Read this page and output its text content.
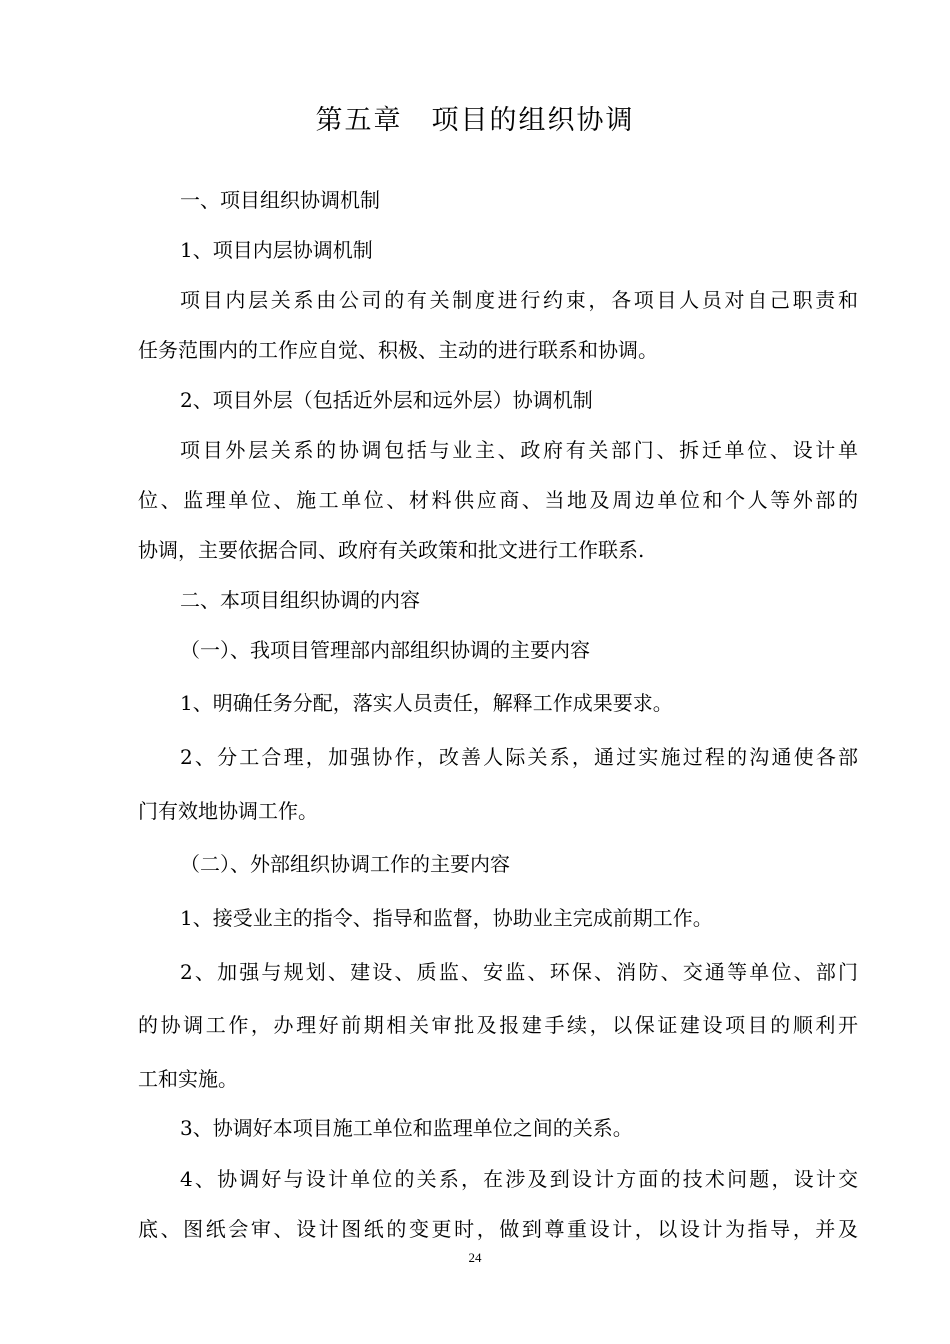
第五章　项目的组织协调
一、项目组织协调机制
1、项目内层协调机制
项目内层关系由公司的有关制度进行约束，各项目人员对自己职责和
任务范围内的工作应自觉、积极、主动的进行联系和协调。
2、项目外层（包括近外层和远外层）协调机制
项目外层关系的协调包括与业主、政府有关部门、拆迁单位、设计单
位、监理单位、施工单位、材料供应商、当地及周边单位和个人等外部的
协调，主要依据合同、政府有关政策和批文进行工作联系.
二、本项目组织协调的内容
（一）、我项目管理部内部组织协调的主要内容
1、明确任务分配，落实人员责任，解释工作成果要求。
2、分工合理，加强协作，改善人际关系，通过实施过程的沟通使各部
门有效地协调工作。
（二）、外部组织协调工作的主要内容
1、接受业主的指令、指导和监督，协助业主完成前期工作。
2、加强与规划、建设、质监、安监、环保、消防、交通等单位、部门
的协调工作，办理好前期相关审批及报建手续，以保证建设项目的顺利开
工和实施。
3、协调好本项目施工单位和监理单位之间的关系。
4、协调好与设计单位的关系，在涉及到设计方面的技术问题，设计交
底、图纸会审、设计图纸的变更时，做到尊重设计，以设计为指导，并及
24
